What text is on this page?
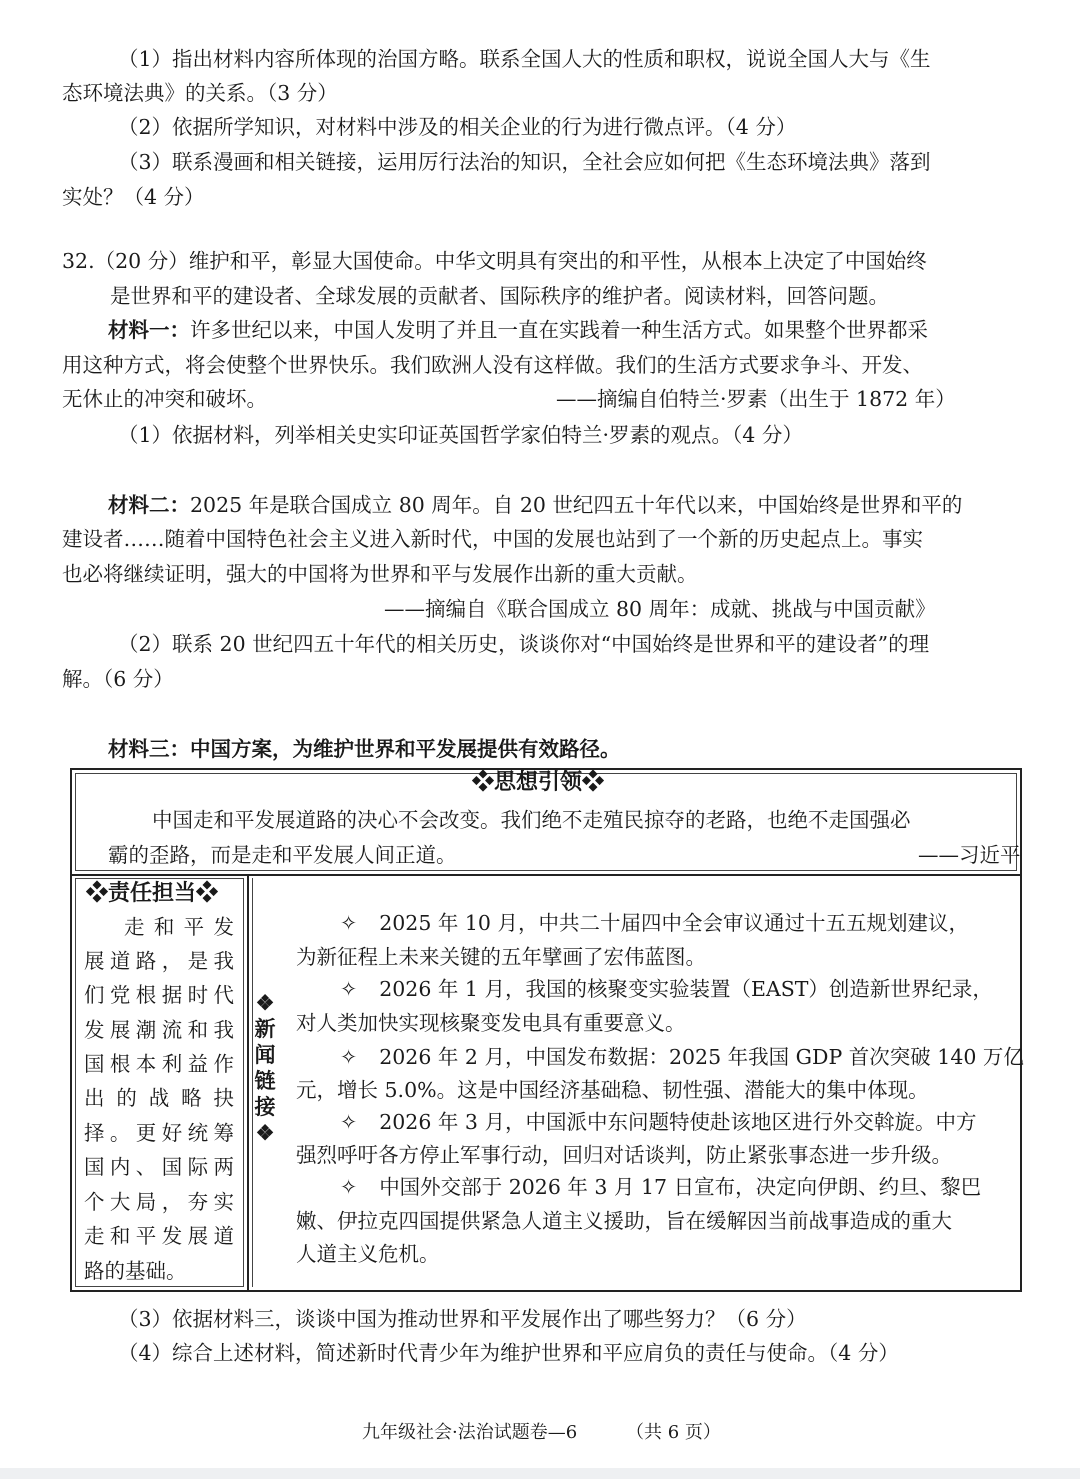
（1）指出材料内容所体现的治国方略。联系全国人大的性质和职权，说说全国人大与《生
态环境法典》的关系。（3 分）
（2）依据所学知识，对材料中涉及的相关企业的行为进行微点评。（4 分）
（3）联系漫画和相关链接，运用厉行法治的知识，全社会应如何把《生态环境法典》落到
实处？（4 分）
32.（20 分）维护和平，彰显大国使命。中华文明具有突出的和平性，从根本上决定了中国始终
是世界和平的建设者、全球发展的贡献者、国际秩序的维护者。阅读材料，回答问题。
材料一：许多世纪以来，中国人发明了并且一直在实践着一种生活方式。如果整个世界都采
用这种方式，将会使整个世界快乐。我们欧洲人没有这样做。我们的生活方式要求争斗、开发、
无休止的冲突和破坏。	——摘编自伯特兰·罗素（出生于 1872 年）
（1）依据材料，列举相关史实印证英国哲学家伯特兰·罗素的观点。（4 分）
材料二：2025 年是联合国成立 80 周年。自 20 世纪四五十年代以来，中国始终是世界和平的
建设者……随着中国特色社会主义进入新时代，中国的发展也站到了一个新的历史起点上。事实
也必将继续证明，强大的中国将为世界和平与发展作出新的重大贡献。
——摘编自《联合国成立 80 周年：成就、挑战与中国贡献》
（2）联系 20 世纪四五十年代的相关历史，谈谈你对“中国始终是世界和平的建设者”的理
解。（6 分）
材料三：中国方案，为维护世界和平发展提供有效路径。
❖思想引领❖
中国走和平发展道路的决心不会改变。我们绝不走殖民掠夺的老路，也绝不走国强必
霸的歪路，而是走和平发展人间正道。	——习近平
❖责任担当❖
走和平发
展道路，是我
们党根据时代
发展潮流和我
国根本利益作
出的战略抉
择。更好统筹
国内、国际两
个大局，夯实
走和平发展道
路的基础。
❖
新
闻
链
接
❖
✧ 2025 年 10 月，中共二十届四中全会审议通过十五五规划建议，
为新征程上未来关键的五年擘画了宏伟蓝图。
✧ 2026 年 1 月，我国的核聚变实验装置（EAST）创造新世界纪录，
对人类加快实现核聚变发电具有重要意义。
✧ 2026 年 2 月，中国发布数据：2025 年我国 GDP 首次突破 140 万亿
元，增长 5.0%。这是中国经济基础稳、韧性强、潜能大的集中体现。
✧ 2026 年 3 月，中国派中东问题特使赴该地区进行外交斡旋。中方
强烈呼吁各方停止军事行动，回归对话谈判，防止紧张事态进一步升级。
✧ 中国外交部于 2026 年 3 月 17 日宣布，决定向伊朗、约旦、黎巴
嫩、伊拉克四国提供紧急人道主义援助，旨在缓解因当前战事造成的重大
人道主义危机。
（3）依据材料三，谈谈中国为推动世界和平发展作出了哪些努力？（6 分）
（4）综合上述材料，简述新时代青少年为维护世界和平应肩负的责任与使命。（4 分）
九年级社会·法治试题卷—6	（共 6 页）
